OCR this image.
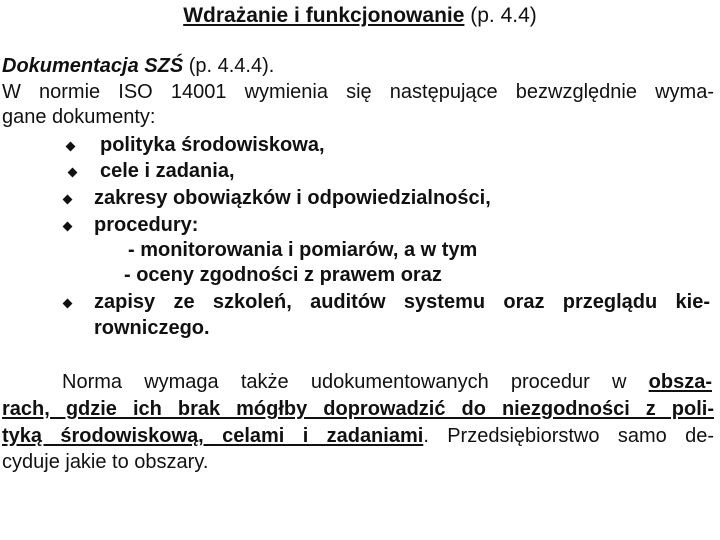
Wdrażanie i funkcjonowanie (p. 4.4)
Dokumentacja SZŚ (p. 4.4.4).
W normie ISO 14001 wymienia się następujące bezwzględnie wyma-
gane dokumenty:
polityka środowiskowa,
cele i zadania,
zakresy obowiązków i odpowiedzialności,
procedury:
- monitorowania i pomiarów, a w tym
- oceny zgodności z prawem oraz
zapisy ze szkoleń, auditów systemu oraz przeglądu kie-
rowniczego.
Norma wymaga także udokumentowanych procedur w obsza-
rach, gdzie ich brak mógłby doprowadzić do niezgodności z poli-
tyką środowiskową, celami i zadaniami. Przedsiębiorstwo samo de-
cyduje jakie to obszary.
